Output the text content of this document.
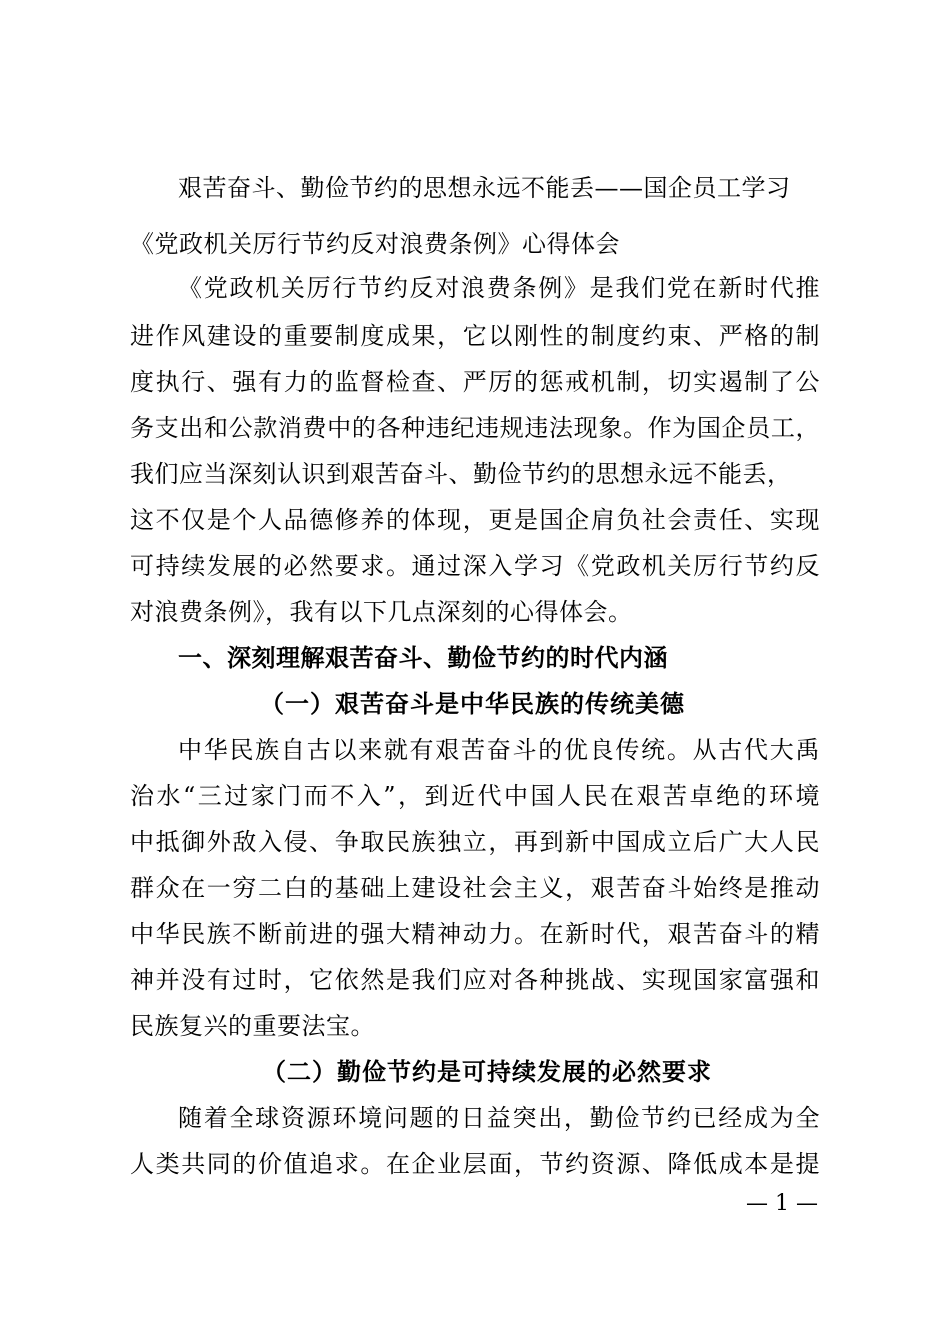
艰苦奋斗、勤俭节约的思想永远不能丢——国企员工学习
《党政机关厉行节约反对浪费条例》心得体会
《党政机关厉行节约反对浪费条例》是我们党在新时代推
进作风建设的重要制度成果，它以刚性的制度约束、严格的制
度执行、强有力的监督检查、严厉的惩戒机制，切实遏制了公
务支出和公款消费中的各种违纪违规违法现象。作为国企员工，
我们应当深刻认识到艰苦奋斗、勤俭节约的思想永远不能丢，
这不仅是个人品德修养的体现，更是国企肩负社会责任、实现
可持续发展的必然要求。通过深入学习《党政机关厉行节约反
对浪费条例》，我有以下几点深刻的心得体会。
一、深刻理解艰苦奋斗、勤俭节约的时代内涵
（一）艰苦奋斗是中华民族的传统美德
中华民族自古以来就有艰苦奋斗的优良传统。从古代大禹
治水“三过家门而不入”，到近代中国人民在艰苦卓绝的环境
中抵御外敌入侵、争取民族独立，再到新中国成立后广大人民
群众在一穷二白的基础上建设社会主义，艰苦奋斗始终是推动
中华民族不断前进的强大精神动力。在新时代，艰苦奋斗的精
神并没有过时，它依然是我们应对各种挑战、实现国家富强和
民族复兴的重要法宝。
（二）勤俭节约是可持续发展的必然要求
随着全球资源环境问题的日益突出，勤俭节约已经成为全
人类共同的价值追求。在企业层面，节约资源、降低成本是提
— 1 —
